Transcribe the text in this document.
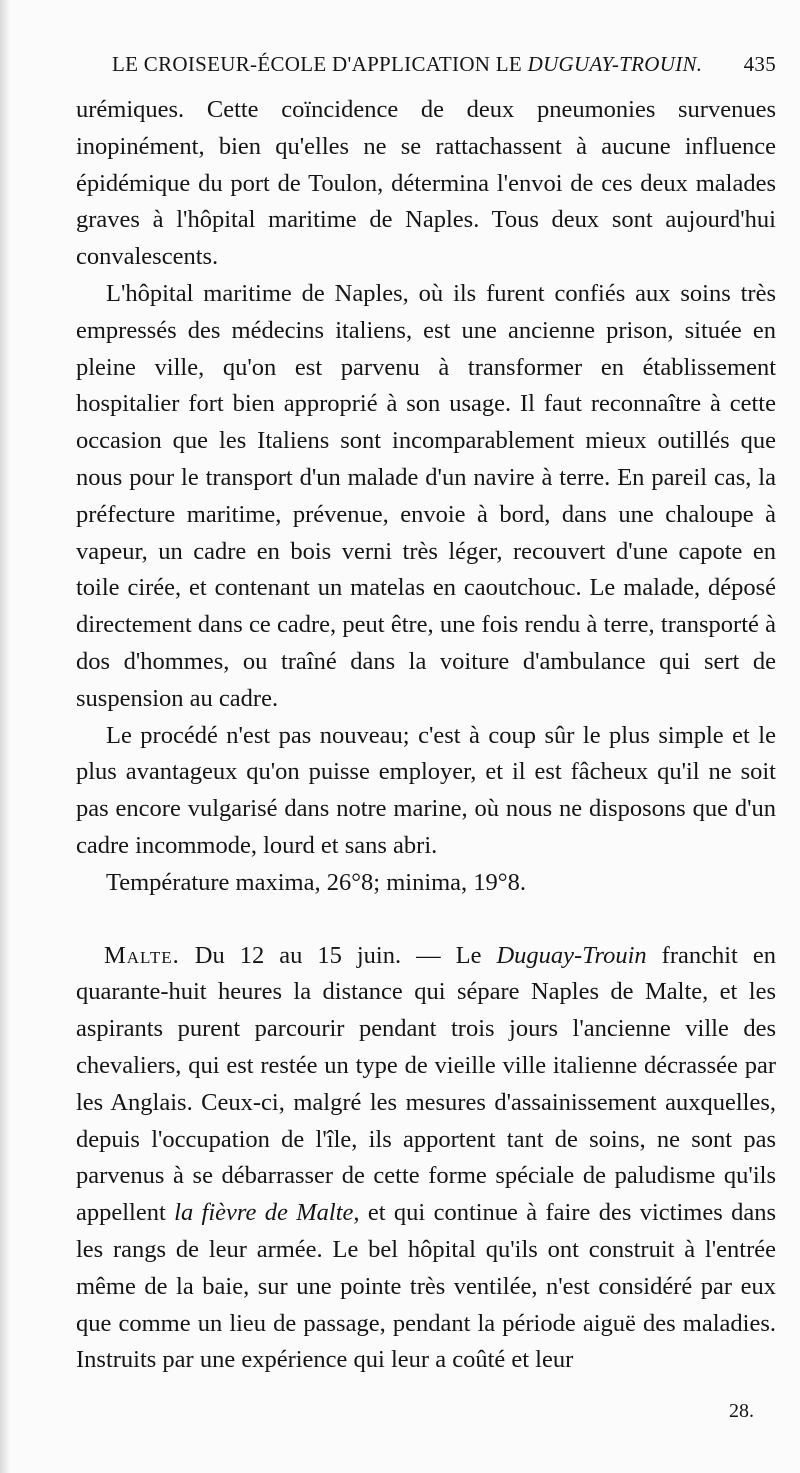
LE CROISEUR-ÉCOLE D'APPLICATION LE DUGUAY-TROUIN. 435

urémiques. Cette coïncidence de deux pneumonies survenues inopinément, bien qu'elles ne se rattachassent à aucune influence épidémique du port de Toulon, détermina l'envoi de ces deux malades graves à l'hôpital maritime de Naples. Tous deux sont aujourd'hui convalescents.

L'hôpital maritime de Naples, où ils furent confiés aux soins très empressés des médecins italiens, est une ancienne prison, située en pleine ville, qu'on est parvenu à transformer en établissement hospitalier fort bien approprié à son usage. Il faut reconnaître à cette occasion que les Italiens sont incomparablement mieux outillés que nous pour le transport d'un malade d'un navire à terre. En pareil cas, la préfecture maritime, prévenue, envoie à bord, dans une chaloupe à vapeur, un cadre en bois verni très léger, recouvert d'une capote en toile cirée, et contenant un matelas en caoutchouc. Le malade, déposé directement dans ce cadre, peut être, une fois rendu à terre, transporté à dos d'hommes, ou traîné dans la voiture d'ambulance qui sert de suspension au cadre.

Le procédé n'est pas nouveau; c'est à coup sûr le plus simple et le plus avantageux qu'on puisse employer, et il est fâcheux qu'il ne soit pas encore vulgarisé dans notre marine, où nous ne disposons que d'un cadre incommode, lourd et sans abri.

Température maxima, 26°8; minima, 19°8.

Malte. Du 12 au 15 juin. — Le Duguay-Trouin franchit en quarante-huit heures la distance qui sépare Naples de Malte, et les aspirants purent parcourir pendant trois jours l'ancienne ville des chevaliers, qui est restée un type de vieille ville italienne décrassée par les Anglais. Ceux-ci, malgré les mesures d'assainissement auxquelles, depuis l'occupation de l'île, ils apportent tant de soins, ne sont pas parvenus à se débarrasser de cette forme spéciale de paludisme qu'ils appellent la fièvre de Malte, et qui continue à faire des victimes dans les rangs de leur armée. Le bel hôpital qu'ils ont construit à l'entrée même de la baie, sur une pointe très ventilée, n'est considéré par eux que comme un lieu de passage, pendant la période aiguë des maladies. Instruits par une expérience qui leur a coûté et leur

28.
